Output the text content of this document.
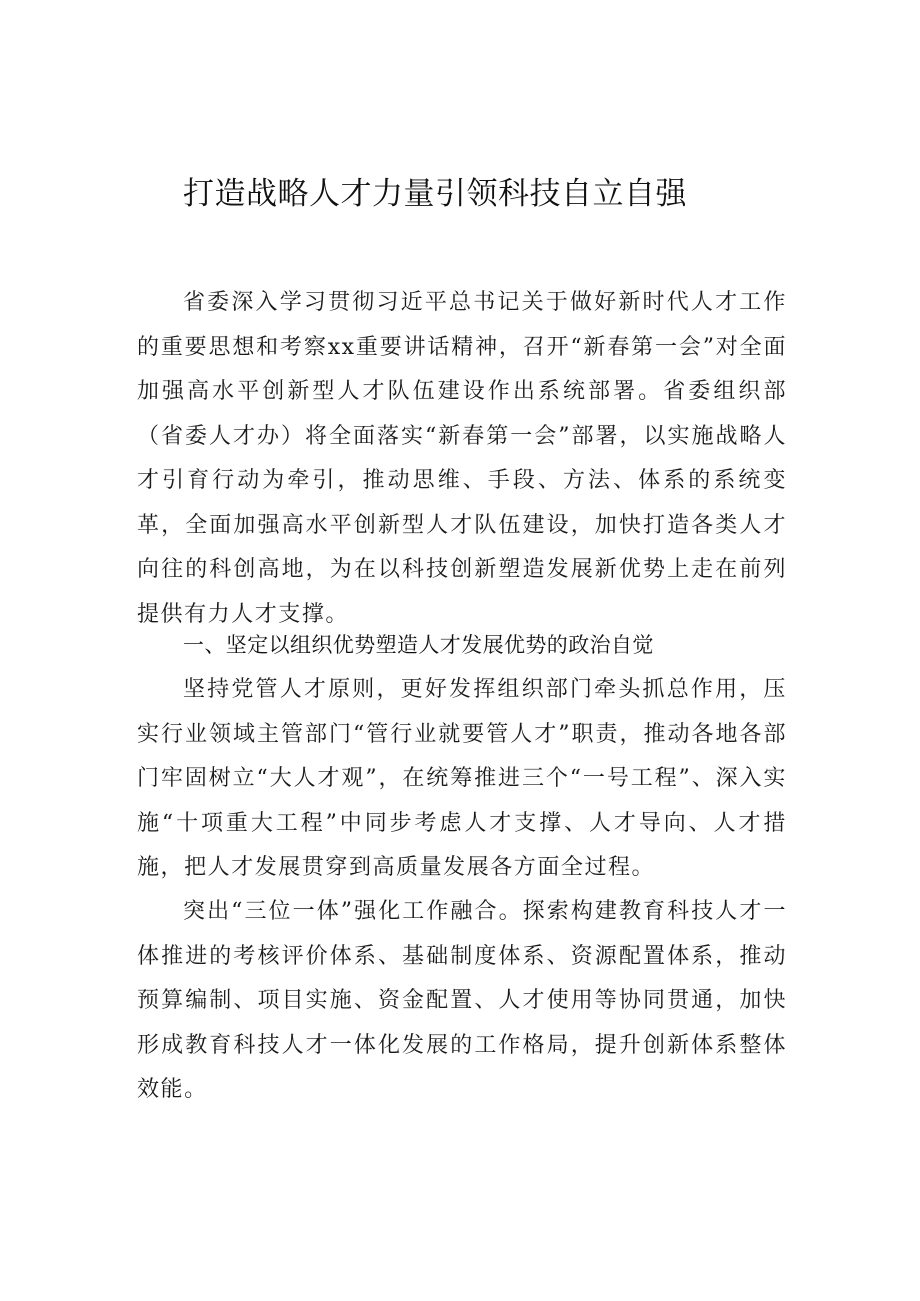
打造战略人才力量引领科技自立自强

省委深入学习贯彻习近平总书记关于做好新时代人才工作的重要思想和考察xx重要讲话精神，召开“新春第一会”对全面加强高水平创新型人才队伍建设作出系统部署。省委组织部（省委人才办）将全面落实“新春第一会”部署，以实施战略人才引育行动为牵引，推动思维、手段、方法、体系的系统变革，全面加强高水平创新型人才队伍建设，加快打造各类人才向往的科创高地，为在以科技创新塑造发展新优势上走在前列提供有力人才支撑。

一、坚定以组织优势塑造人才发展优势的政治自觉

坚持党管人才原则，更好发挥组织部门牵头抓总作用，压实行业领域主管部门“管行业就要管人才”职责，推动各地各部门牢固树立“大人才观”，在统筹推进三个“一号工程”、深入实施“十项重大工程”中同步考虑人才支撑、人才导向、人才措施，把人才发展贯穿到高质量发展各方面全过程。

突出“三位一体”强化工作融合。探索构建教育科技人才一体推进的考核评价体系、基础制度体系、资源配置体系，推动预算编制、项目实施、资金配置、人才使用等协同贯通，加快形成教育科技人才一体化发展的工作格局，提升创新体系整体效能。
